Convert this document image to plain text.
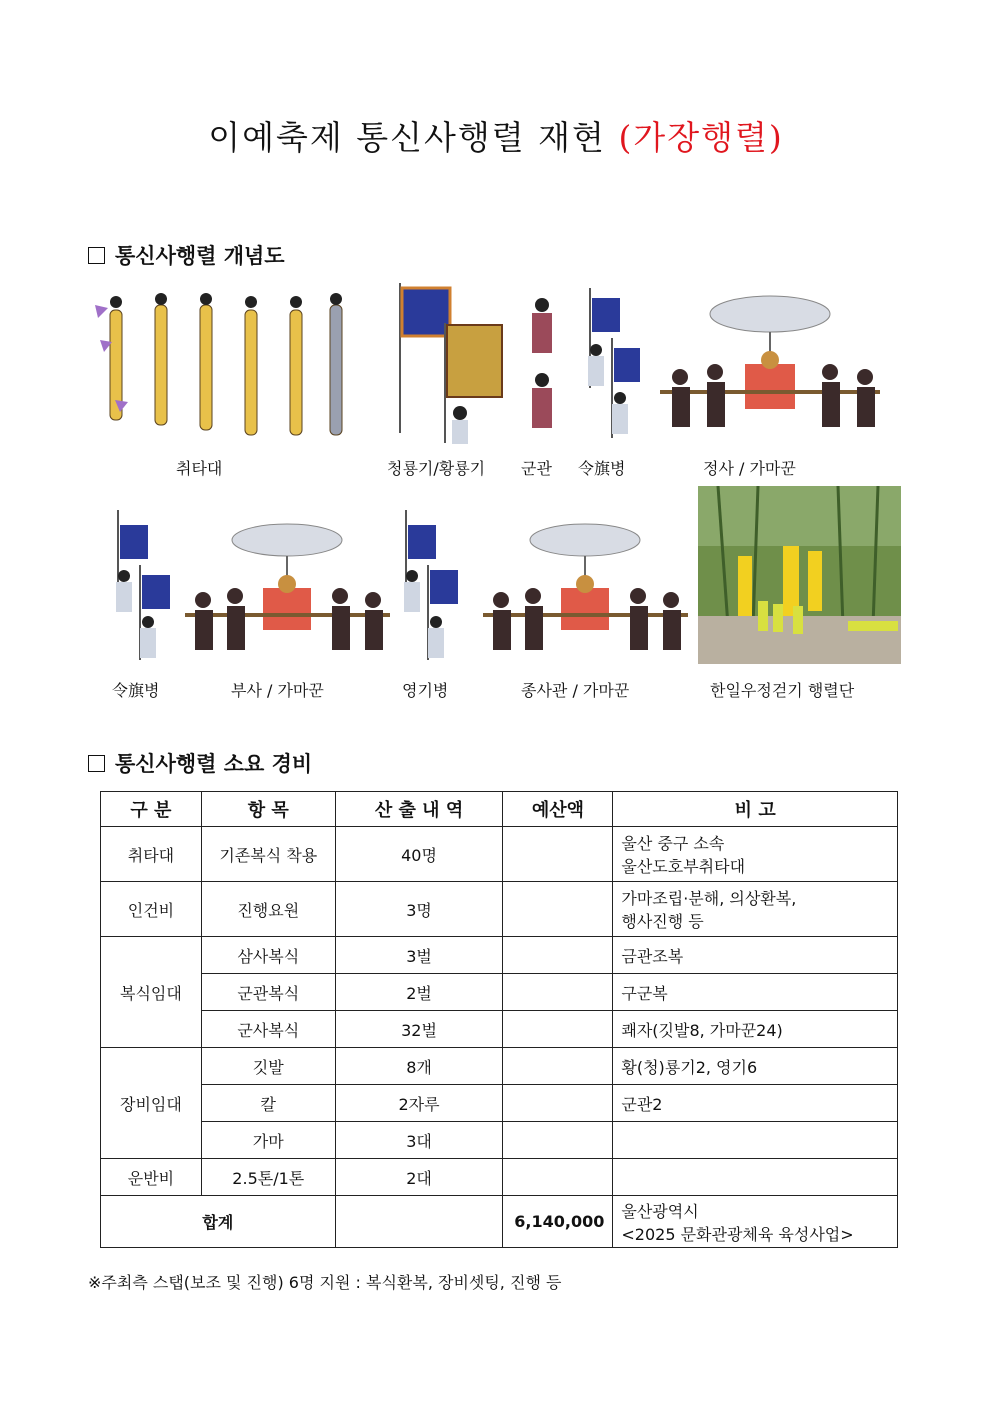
이예축제 통신사행렬 재현 (가장행렬)
통신사행렬 개념도
취타대	청룡기/황룡기 군관 令旗병	정사 / 가마꾼
令旗병	부사 / 가마꾼	영기병	종사관 / 가마꾼	한일우정걷기 행렬단
통신사행렬 소요 경비
구 분	항 목	산 출 내 역	예산액	비 고
취타대	기존복식 착용	40명		울산 중구 소속
울산도호부취타대

인건비	진행요원	3명		가마조립·분해, 의상환복,
행사진행 등

복식임대	삼사복식	3벌		금관조복
	군관복식	2벌		구군복
	군사복식	32벌		쾌자(깃발8, 가마꾼24)
장비임대	깃발	8개		황(청)룡기2, 영기6
	칼	2자루		군관2
	가마	3대		
운반비	2.5톤/1톤	2대		
합계			6,140,000	울산광역시
<2025 문화관광체육 육성사업>
※주최측 스탭(보조 및 진행) 6명 지원 : 복식환복, 장비셋팅, 진행 등
